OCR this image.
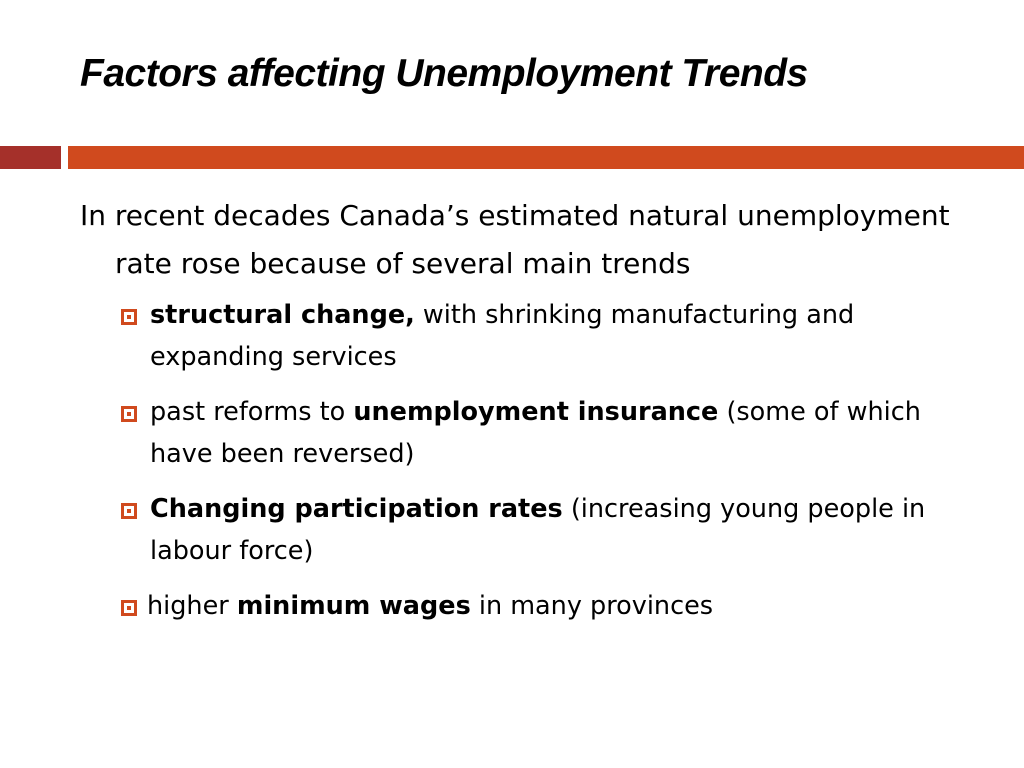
Factors affecting Unemployment Trends

In recent decades Canada’s estimated natural unemployment rate rose because of several main trends

structural change, with shrinking manufacturing and expanding services
past reforms to unemployment insurance (some of which have been reversed)
Changing participation rates (increasing young people in labour force)
higher minimum wages in many provinces
